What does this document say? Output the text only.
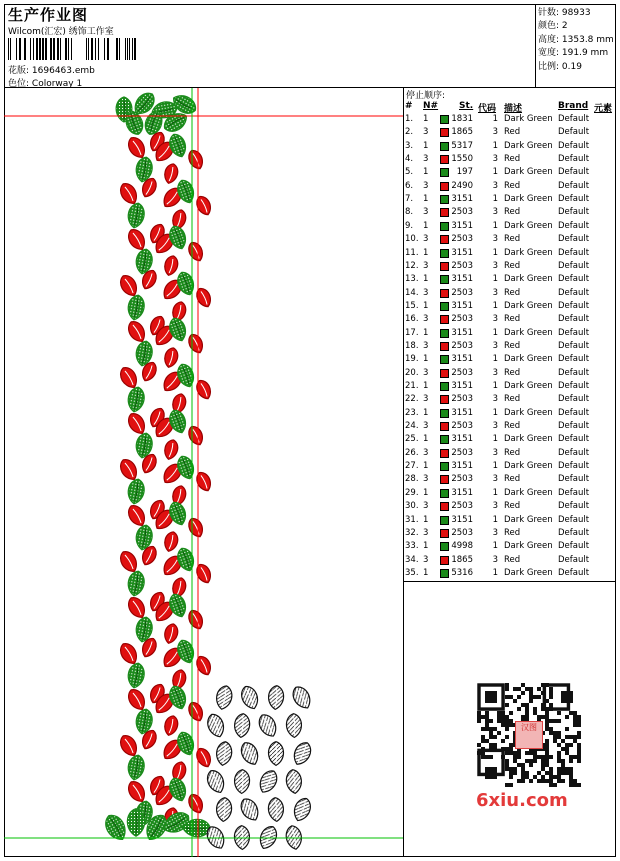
生产作业图
Wilcom(汇宏) 绣饰工作室
花版: 1696463.emb
色位: Colorway 1
针数: 98933
颜色: 2
高度: 1353.8 mm
宽度: 191.9 mm
比例: 0.19
停止顺序:
# N# St. 代码 描述	Brand 元素
1. 1	1831	1 Dark Green Default
2. 3	1865	3 Red	Default
3. 1	5317	1 Dark Green Default
4. 3	1550	3 Red	Default
5. 1	197	1 Dark Green Default
6. 3	2490	3 Red	Default
7. 1	3151	1 Dark Green Default
8. 3	2503	3 Red	Default
9. 1	3151	1 Dark Green Default
10. 3	2503	3 Red	Default
11. 1	3151	1 Dark Green Default
12. 3	2503	3 Red	Default
13. 1	3151	1 Dark Green Default
14. 3	2503	3 Red	Default
15. 1	3151	1 Dark Green Default
16. 3	2503	3 Red	Default
17. 1	3151	1 Dark Green Default
18. 3	2503	3 Red	Default
19. 1	3151	1 Dark Green Default
20. 3	2503	3 Red	Default
21. 1	3151	1 Dark Green Default
22. 3	2503	3 Red	Default
23. 1	3151	1 Dark Green Default
24. 3	2503	3 Red	Default
25. 1	3151	1 Dark Green Default
26. 3	2503	3 Red	Default
27. 1	3151	1 Dark Green Default
28. 3	2503	3 Red	Default
29. 1	3151	1 Dark Green Default
30. 3	2503	3 Red	Default
31. 1	3151	1 Dark Green Default
32. 3	2503	3 Red	Default
33. 1	4998	1 Dark Green Default
34. 3	1865	3 Red	Default
35. 1	5316	1 Dark Green Default
汉图
6xiu.com
